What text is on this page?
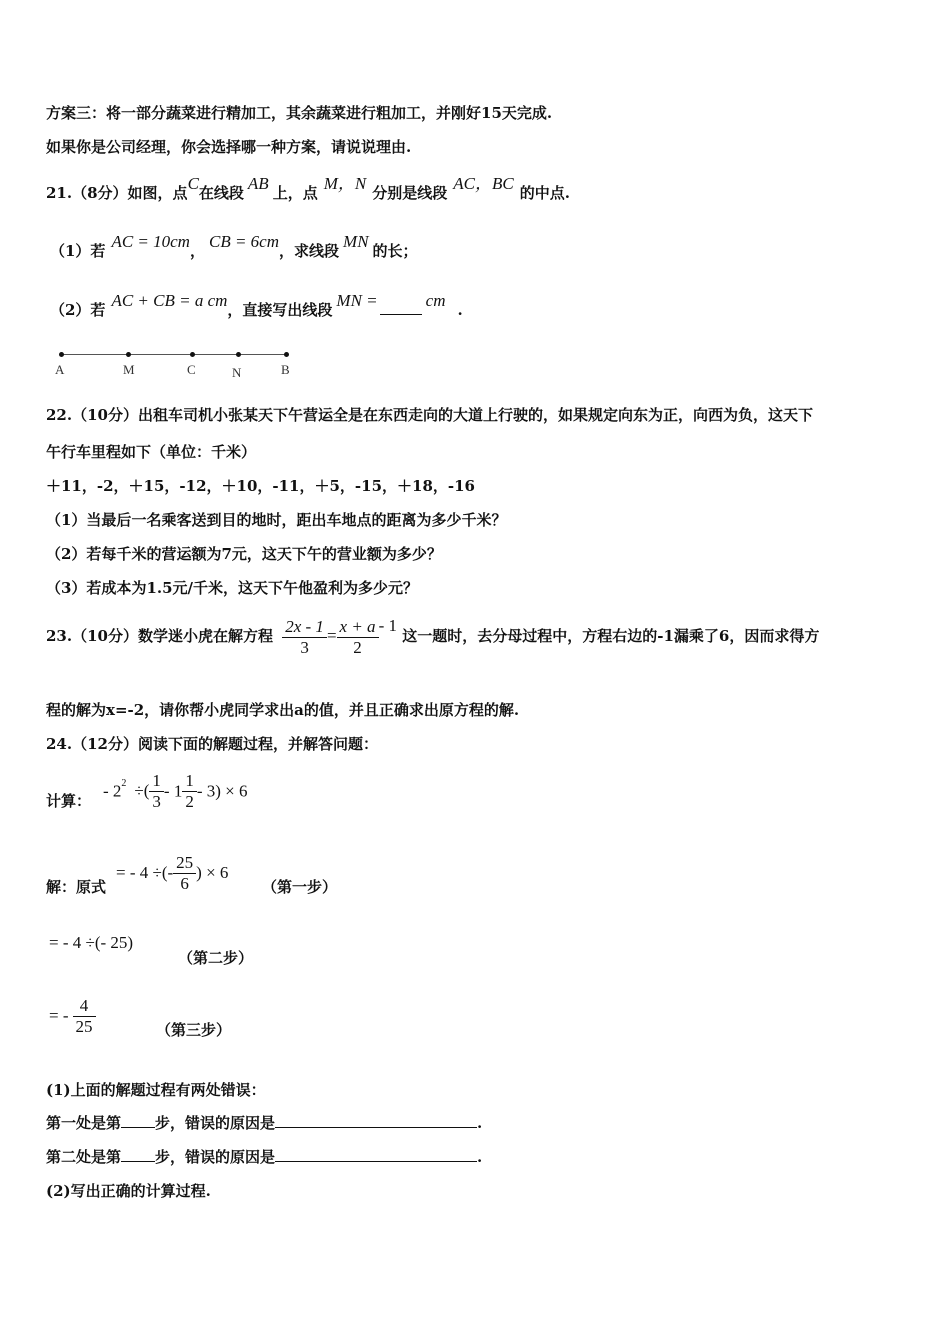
方案三：将一部分蔬菜进行精加工，其余蔬菜进行粗加工，并刚好15天完成.
如果你是公司经理，你会选择哪一种方案，请说说理由.
21.（8分）如图，点C在线段 AB 上，点 M，N 分别是线段 AC，BC 的中点.
（1）若 AC = 10cm， CB = 6cm，求线段 MN 的长；
（2）若 AC + CB = a cm，直接写出线段 MN =	cm .
A	M	C	N	B
22.（10分）出租车司机小张某天下午营运全是在东西走向的大道上行驶的，如果规定向东为正，向西为负，这天下
午行车里程如下（单位：千米）
＋11，-2，＋15，-12，＋10，-11，＋5，-15，＋18，-16
（1）当最后一名乘客送到目的地时，距出车地点的距离为多少千米？
（2）若每千米的营运额为7元，这天下午的营业额为多少？
（3）若成本为1.5元/千米，这天下午他盈利为多少元？
23.（10分）数学迷小虎在解方程 $\frac{2x - 1}{3} = \frac{x + a}{2} - 1$ 这一题时，去分母过程中，方程右边的-1漏乘了6，因而求得方
程的解为x=-2，请你帮小虎同学求出a的值，并且正确求出原方程的解.
24.（12分）阅读下面的解题过程，并解答问题：
计算：
- $2^2$ ÷( $\frac{1}{3} - 1 \frac{1}{2} - 3) \times 6$
解：原式
= - 4 ÷(- $\frac{25}{6}$ ) × 6
（第一步）
= - 4 ÷(- 25)
（第二步）
= - $\frac{4}{25}$	（第三步）
(1)上面的解题过程有两处错误：
第一处是第 步，错误的原因是	.
第二处是第 步，错误的原因是	.
(2)写出正确的计算过程.
